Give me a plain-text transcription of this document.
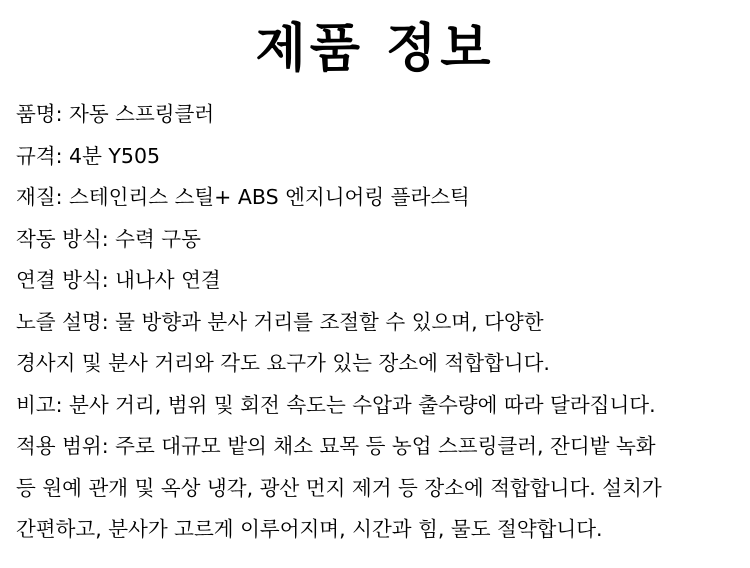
제품 정보
품명: 자동 스프링클러
규격: 4분 Y505
재질: 스테인리스 스틸+ ABS 엔지니어링 플라스틱
작동 방식: 수력 구동
연결 방식: 내나사 연결
노즐 설명: 물 방향과 분사 거리를 조절할 수 있으며, 다양한
경사지 및 분사 거리와 각도 요구가 있는 장소에 적합합니다.
비고: 분사 거리, 범위 및 회전 속도는 수압과 출수량에 따라 달라집니다.
적용 범위: 주로 대규모 밭의 채소 묘목 등 농업 스프링클러, 잔디밭 녹화
등 원예 관개 및 옥상 냉각, 광산 먼지 제거 등 장소에 적합합니다. 설치가
간편하고, 분사가 고르게 이루어지며, 시간과 힘, 물도 절약합니다.
